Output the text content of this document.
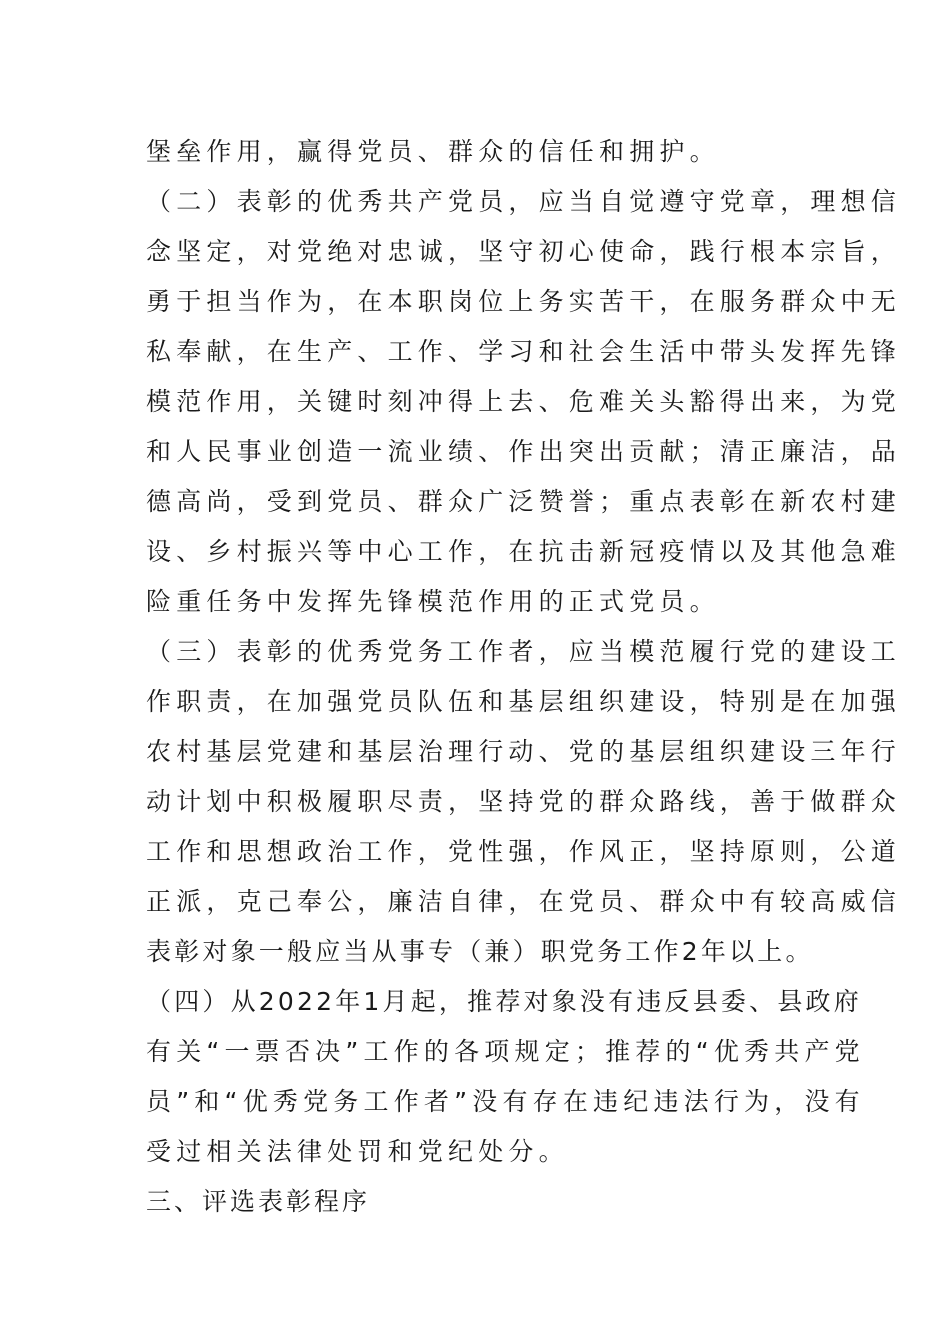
堡垒作用，赢得党员、群众的信任和拥护。
（二）表彰的优秀共产党员，应当自觉遵守党章，理想信
念坚定，对党绝对忠诚，坚守初心使命，践行根本宗旨，
勇于担当作为，在本职岗位上务实苦干，在服务群众中无
私奉献，在生产、工作、学习和社会生活中带头发挥先锋
模范作用，关键时刻冲得上去、危难关头豁得出来，为党
和人民事业创造一流业绩、作出突出贡献；清正廉洁，品
德高尚，受到党员、群众广泛赞誉；重点表彰在新农村建
设、乡村振兴等中心工作，在抗击新冠疫情以及其他急难
险重任务中发挥先锋模范作用的正式党员。
（三）表彰的优秀党务工作者，应当模范履行党的建设工
作职责，在加强党员队伍和基层组织建设，特别是在加强
农村基层党建和基层治理行动、党的基层组织建设三年行
动计划中积极履职尽责，坚持党的群众路线，善于做群众
工作和思想政治工作，党性强，作风正，坚持原则，公道
正派，克己奉公，廉洁自律，在党员、群众中有较高威信
表彰对象一般应当从事专（兼）职党务工作2年以上。
（四）从2022年1月起，推荐对象没有违反县委、县政府
有关“一票否决”工作的各项规定；推荐的“优秀共产党
员”和“优秀党务工作者”没有存在违纪违法行为，没有
受过相关法律处罚和党纪处分。
三、评选表彰程序
